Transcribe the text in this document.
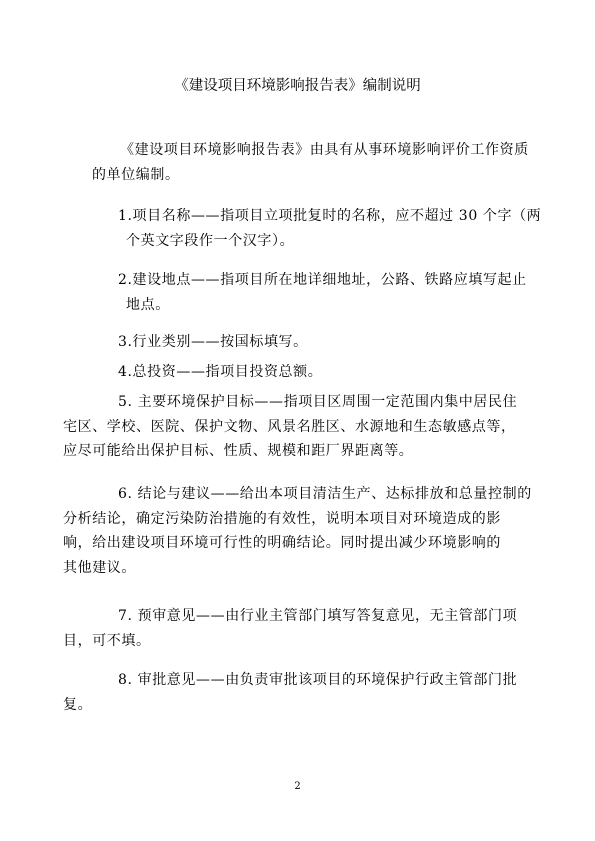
《建设项目环境影响报告表》编制说明
《建设项目环境影响报告表》由具有从事环境影响评价工作资质
的单位编制。
1.项目名称——指项目立项批复时的名称，应不超过 30 个字（两
个英文字段作一个汉字）。
2.建设地点——指项目所在地详细地址，公路、铁路应填写起止
地点。
3.行业类别——按国标填写。
4.总投资——指项目投资总额。
5. 主要环境保护目标——指项目区周围一定范围内集中居民住
宅区、学校、医院、保护文物、风景名胜区、水源地和生态敏感点等，
应尽可能给出保护目标、性质、规模和距厂界距离等。
6. 结论与建议——给出本项目清洁生产、达标排放和总量控制的
分析结论，确定污染防治措施的有效性，说明本项目对环境造成的影
响，给出建设项目环境可行性的明确结论。同时提出减少环境影响的
其他建议。
7. 预审意见——由行业主管部门填写答复意见，无主管部门项
目，可不填。
8. 审批意见——由负责审批该项目的环境保护行政主管部门批
复。
2
